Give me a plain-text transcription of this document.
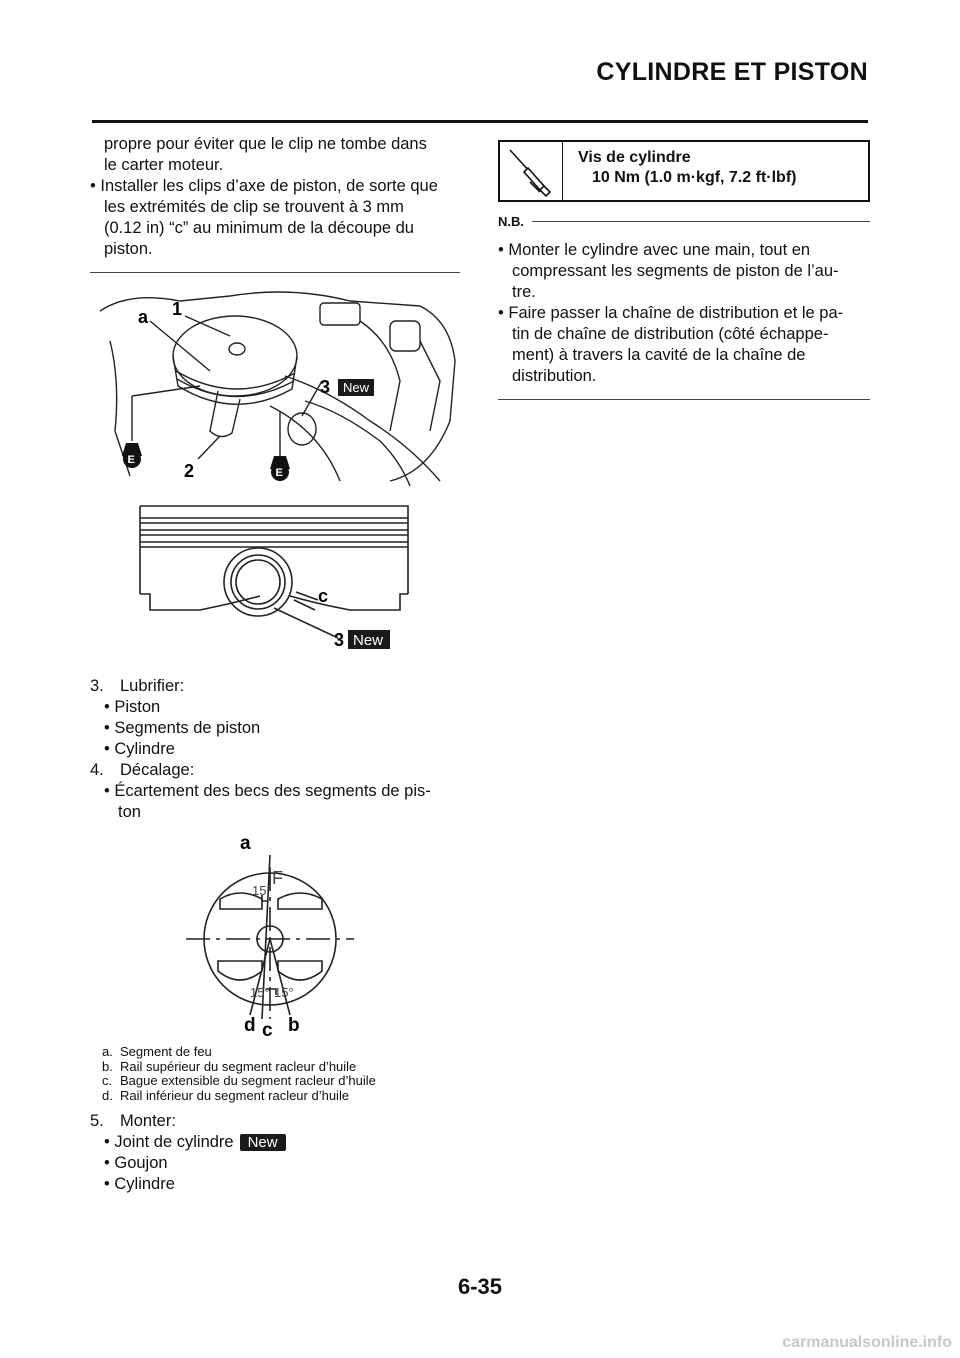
CYLINDRE ET PISTON

propre pour éviter que le clip ne tombe dans

le carter moteur.

• Installer les clips d’axe de piston, de sorte que

les extrémités de clip se trouvent à 3 mm

(0.12 in) “c” au minimum de la découpe du

piston.

E
E
a 1
2
3 New
c
3 New

3. Lubrifier:

• Piston

• Segments de piston

• Cylindre

4. Décalage:

• Écartement des becs des segments de pis-

ton

F
15°
15° 15°
a
d c b
a. Segment de feu
b. Rail supérieur du segment racleur d’huile
c. Bague extensible du segment racleur d’huile
d. Rail inférieur du segment racleur d’huile

5. Monter:

• Joint de cylindre New

• Goujon

• Cylindre

Vis de cylindre
10 Nm (1.0 m·kgf, 7.2 ft·lbf)
N.B.

• Monter le cylindre avec une main, tout en

compressant les segments de piston de l’au-

tre.

• Faire passer la chaîne de distribution et le pa-

tin de chaîne de distribution (côté échappe-

ment) à travers la cavité de la chaîne de

distribution.

6-35
carmanualsonline.info
